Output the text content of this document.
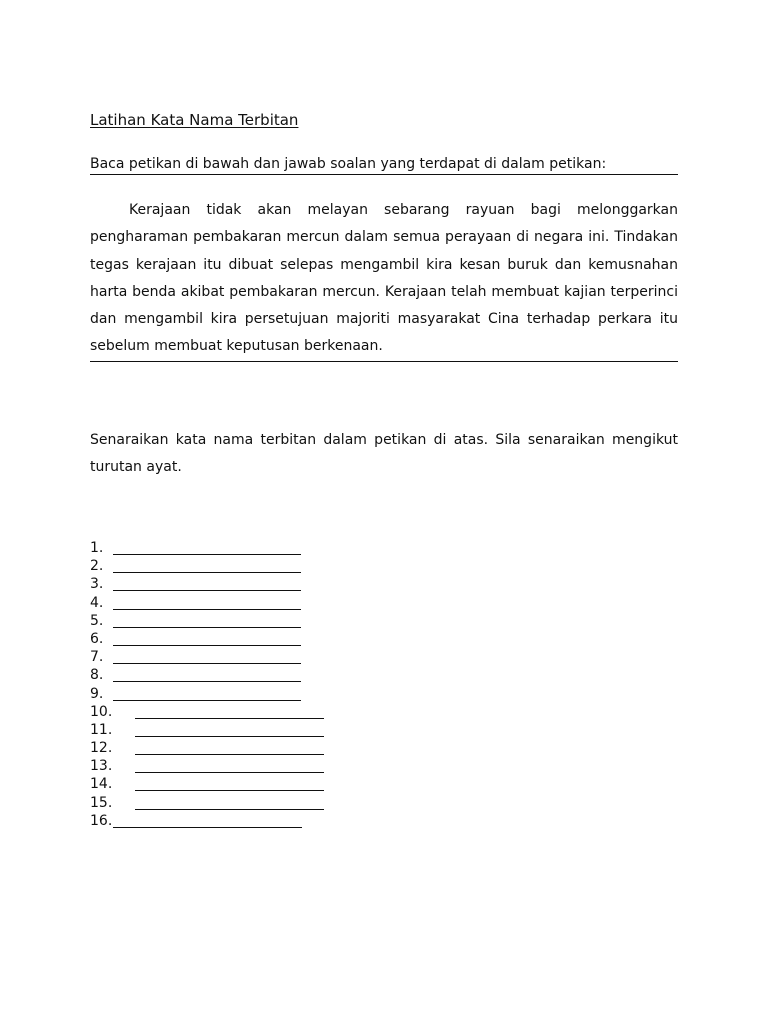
Latihan Kata Nama Terbitan
Baca petikan di bawah dan jawab soalan yang terdapat di dalam petikan:

Kerajaan tidak akan melayan sebarang rayuan bagi melonggarkan pengharaman pembakaran mercun dalam semua perayaan di negara ini. Tindakan tegas kerajaan itu dibuat selepas mengambil kira kesan buruk dan kemusnahan harta benda akibat pembakaran mercun. Kerajaan telah membuat kajian terperinci dan mengambil kira persetujuan majoriti masyarakat Cina terhadap perkara itu sebelum membuat keputusan berkenaan.

Senaraikan kata nama terbitan dalam petikan di atas. Sila senaraikan mengikut turutan ayat.

1.
2.
3.
4.
5.
6.
7.
8.
9.
10.
11.
12.
13.
14.
15.
16.
